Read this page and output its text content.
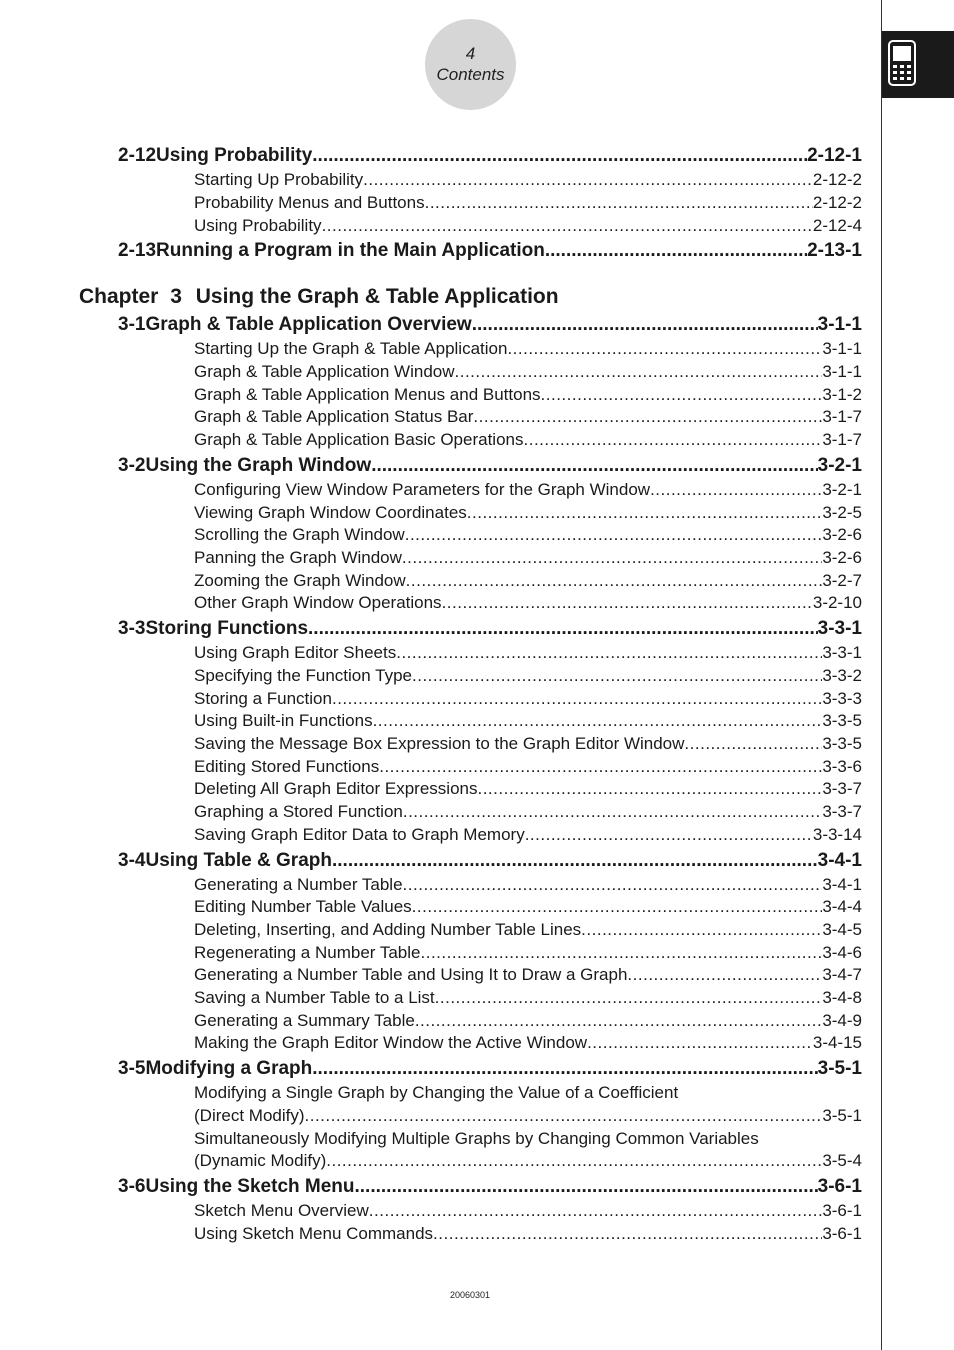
4
Contents
Chapter 3 Using the Graph & Table Application
2-12 Using Probability .....	2-12-1
Starting Up Probability .....	2-12-2
Probability Menus and Buttons .....	2-12-2
Using Probability .....	2-12-4
2-13 Running a Program in the Main Application .....	2-13-1
3-1 Graph & Table Application Overview .....	3-1-1
Starting Up the Graph & Table Application .....	3-1-1
Graph & Table Application Window .....	3-1-1
Graph & Table Application Menus and Buttons .....	3-1-2
Graph & Table Application Status Bar .....	3-1-7
Graph & Table Application Basic Operations .....	3-1-7
3-2 Using the Graph Window .....	3-2-1
Configuring View Window Parameters for the Graph Window .....	3-2-1
Viewing Graph Window Coordinates .....	3-2-5
Scrolling the Graph Window .....	3-2-6
Panning the Graph Window .....	3-2-6
Zooming the Graph Window .....	3-2-7
Other Graph Window Operations .....	3-2-10
3-3 Storing Functions .....	3-3-1
Using Graph Editor Sheets .....	3-3-1
Specifying the Function Type .....	3-3-2
Storing a Function .....	3-3-3
Using Built-in Functions .....	3-3-5
Saving the Message Box Expression to the Graph Editor Window .....	3-3-5
Editing Stored Functions .....	3-3-6
Deleting All Graph Editor Expressions .....	3-3-7
Graphing a Stored Function .....	3-3-7
Saving Graph Editor Data to Graph Memory .....	3-3-14
3-4 Using Table & Graph .....	3-4-1
Generating a Number Table .....	3-4-1
Editing Number Table Values .....	3-4-4
Deleting, Inserting, and Adding Number Table Lines .....	3-4-5
Regenerating a Number Table .....	3-4-6
Generating a Number Table and Using It to Draw a Graph .....	3-4-7
Saving a Number Table to a List .....	3-4-8
Generating a Summary Table .....	3-4-9
Making the Graph Editor Window the Active Window .....	3-4-15
3-5 Modifying a Graph .....	3-5-1
Modifying a Single Graph by Changing the Value of a Coefficient
(Direct Modify) .....	3-5-1
Simultaneously Modifying Multiple Graphs by Changing Common Variables
(Dynamic Modify) .....	3-5-4
3-6 Using the Sketch Menu .....	3-6-1
Sketch Menu Overview .....	3-6-1
Using Sketch Menu Commands .....	3-6-1
20060301
